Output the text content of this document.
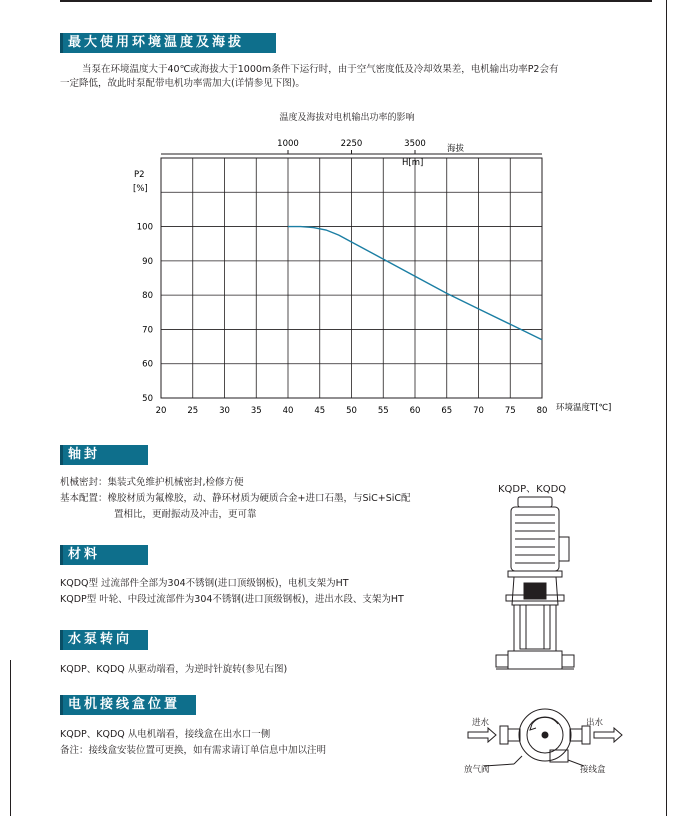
最大使用环境温度及海拔
当泵在环境温度大于40℃或海拔大于1000m条件下运行时，由于空气密度低及冷却效果差，电机输出功率P2会有
一定降低，故此时泵配带电机功率需加大(详情参见下图)。
温度及海拔对电机输出功率的影响
1000	2250	3500
20 25 30 35 40 45 50 55 60 65 70 75 80
50
60
70
80
90
100
P2
[%]
环境温度T[℃]
海拔
H[m]
轴封
机械密封：集装式免维护机械密封,检修方便
基本配置：橡胶材质为氟橡胶，动、静环材质为硬质合金+进口石墨，与SiC+SiC配
置相比，更耐振动及冲击，更可靠
材料
KQDQ型 过流部件全部为304不锈钢(进口顶级钢板)，电机支架为HT
KQDP型 叶轮、中段过流部件为304不锈钢(进口顶级钢板)，进出水段、支架为HT
水泵转向
KQDP、KQDQ 从驱动端看，为逆时针旋转(参见右图)
电机接线盒位置
KQDP、KQDQ 从电机端看，接线盒在出水口一侧
备注：接线盒安装位置可更换，如有需求请订单信息中加以注明
KQDP、KQDQ
进水	出水
放气阀	接线盒
